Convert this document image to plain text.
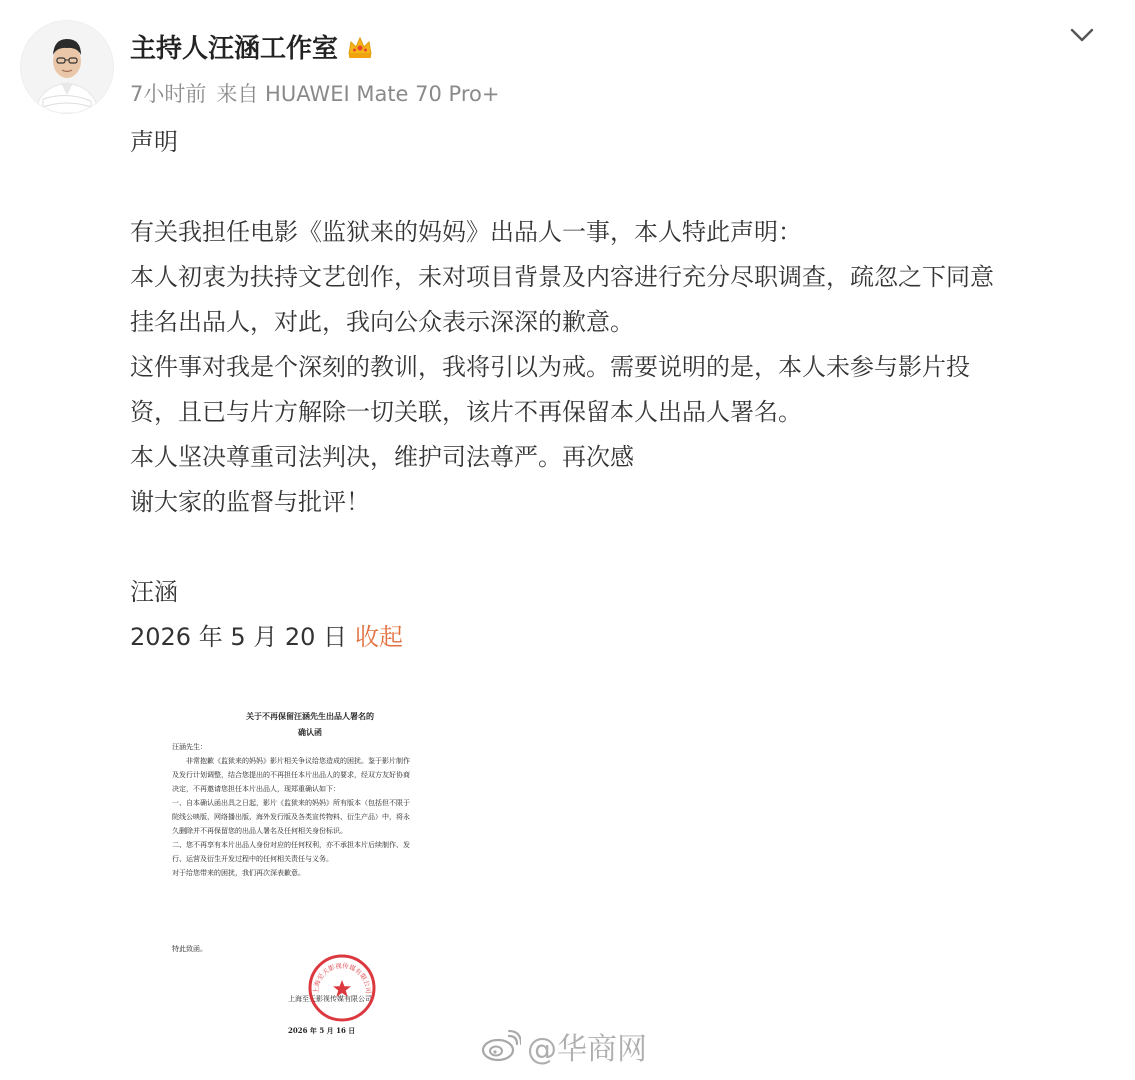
主持人汪涵工作室
7小时前 来自 HUAWEI Mate 70 Pro+

声明

有关我担任电影《监狱来的妈妈》出品人一事，本人特此声明：

本人初衷为扶持文艺创作，未对项目背景及内容进行充分尽职调查，疏忽之下同意

挂名出品人，对此，我向公众表示深深的歉意。

这件事对我是个深刻的教训，我将引以为戒。需要说明的是，本人未参与影片投

资，且已与片方解除一切关联，该片不再保留本人出品人署名。

本人坚决尊重司法判决，维护司法尊严。再次感

谢大家的监督与批评！

汪涵

2026 年 5 月 20 日 收起

关于不再保留汪涵先生出品人署名的
确认函

汪涵先生：

非常抱歉《监狱来的妈妈》影片相关争议给您造成的困扰。鉴于影片制作及发行计划调整，结合您提出的不再担任本片出品人的要求，经双方友好协商决定，不再邀请您担任本片出品人，现郑重确认如下：

一、自本确认函出具之日起，影片《监狱来的妈妈》所有版本（包括但不限于院线公映版、网络播出版、海外发行版及各类宣传物料、衍生产品）中，将永久删除并不再保留您的出品人署名及任何相关身份标识。

二、您不再享有本片出品人身份对应的任何权利，亦不承担本片后续制作、发行、运营及衍生开发过程中的任何相关责任与义务。

对于给您带来的困扰，我们再次深表歉意。

特此致函。
上海至天影视传媒有限公司
上海至天影视传媒有限公司
2026 年 5 月 16 日
@华商网
